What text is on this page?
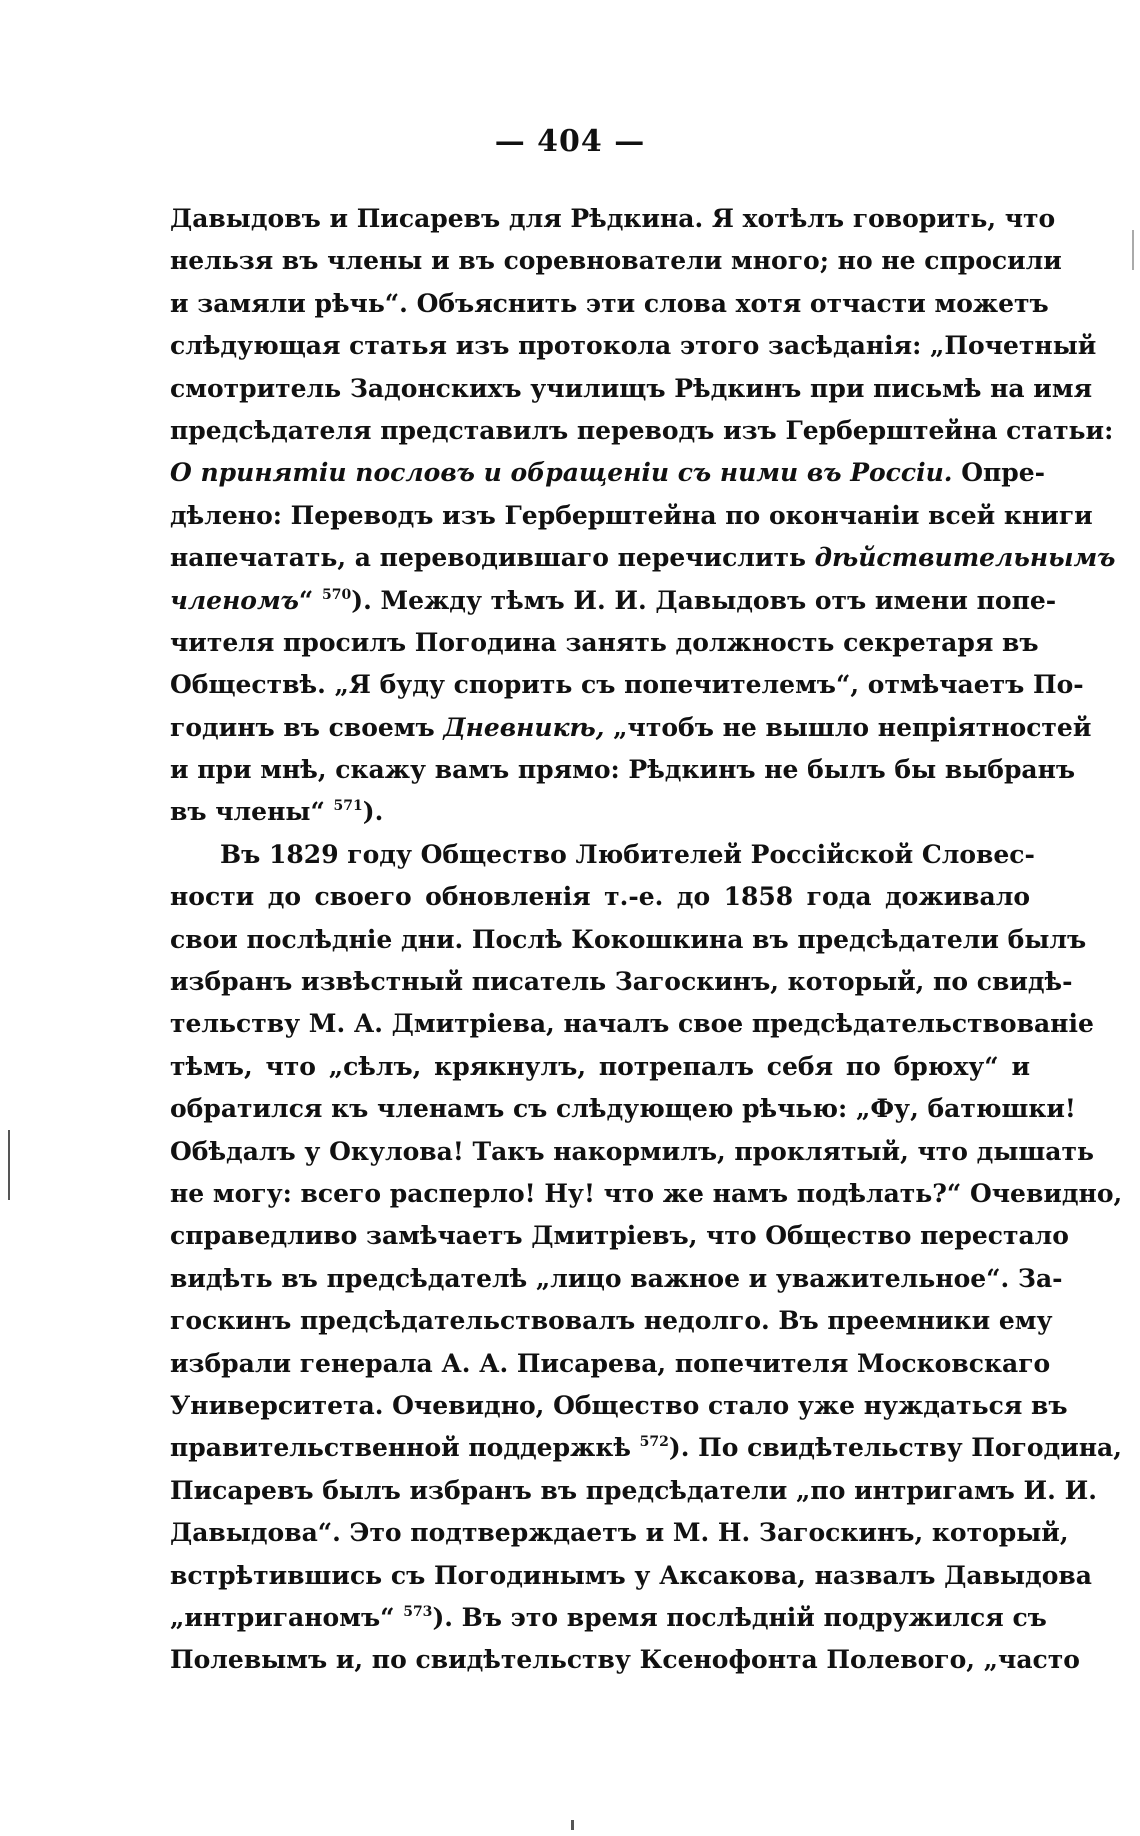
— 404 —
Давыдовъ и Писаревъ для Рѣдкина. Я хотѣлъ говорить, что
нельзя въ члены и въ соревнователи много; но не спросили
и замяли рѣчь“. Объяснить эти слова хотя отчасти можетъ
слѣдующая статья изъ протокола этого засѣданія: „Почетный
смотритель Задонскихъ училищъ Рѣдкинъ при письмѣ на имя
предсѣдателя представилъ переводъ изъ Герберштейна статьи:
О принятіи пословъ и обращеніи съ ними въ Россіи. Опре-
дѣлено: Переводъ изъ Герберштейна по окончаніи всей книги
напечатать, а переводившаго перечислить дѣйствительнымъ
членомъ“ $^{570}$). Между тѣмъ И. И. Давыдовъ отъ имени попе-
чителя просилъ Погодина занять должность секретаря въ
Обществѣ. „Я буду спорить съ попечителемъ“, отмѣчаетъ По-
годинъ въ своемъ Дневникѣ, „чтобъ не вышло непріятностей
и при мнѣ, скажу вамъ прямо: Рѣдкинъ не былъ бы выбранъ
въ члены“ $^{571}$).
Въ 1829 году Общество Любителей Россійской Словес-
ности до своего обновленія т.-е. до 1858 года доживало
свои послѣдніе дни. Послѣ Кокошкина въ предсѣдатели былъ
избранъ извѣстный писатель Загоскинъ, который, по свидѣ-
тельству М. А. Дмитріева, началъ свое предсѣдательствованіе
тѣмъ, что „сѣлъ, крякнулъ, потрепалъ себя по брюху“ и
обратился къ членамъ съ слѣдующею рѣчью: „Фу, батюшки!
Обѣдалъ у Окулова! Такъ накормилъ, проклятый, что дышать
не могу: всего расперло! Ну! что же намъ подѣлать?“ Очевидно,
справедливо замѣчаетъ Дмитріевъ, что Общество перестало
видѣть въ предсѣдателѣ „лицо важное и уважительное“. За-
госкинъ предсѣдательствовалъ недолго. Въ преемники ему
избрали генерала А. А. Писарева, попечителя Московскаго
Университета. Очевидно, Общество стало уже нуждаться въ
правительственной поддержкѣ $^{572}$). По свидѣтельству Погодина,
Писаревъ былъ избранъ въ предсѣдатели „по интригамъ И. И.
Давыдова“. Это подтверждаетъ и М. Н. Загоскинъ, который,
встрѣтившись съ Погодинымъ у Аксакова, назвалъ Давыдова
„интриганомъ“ $^{573}$). Въ это время послѣдній подружился съ
Полевымъ и, по свидѣтельству Ксенофонта Полевого, „часто
